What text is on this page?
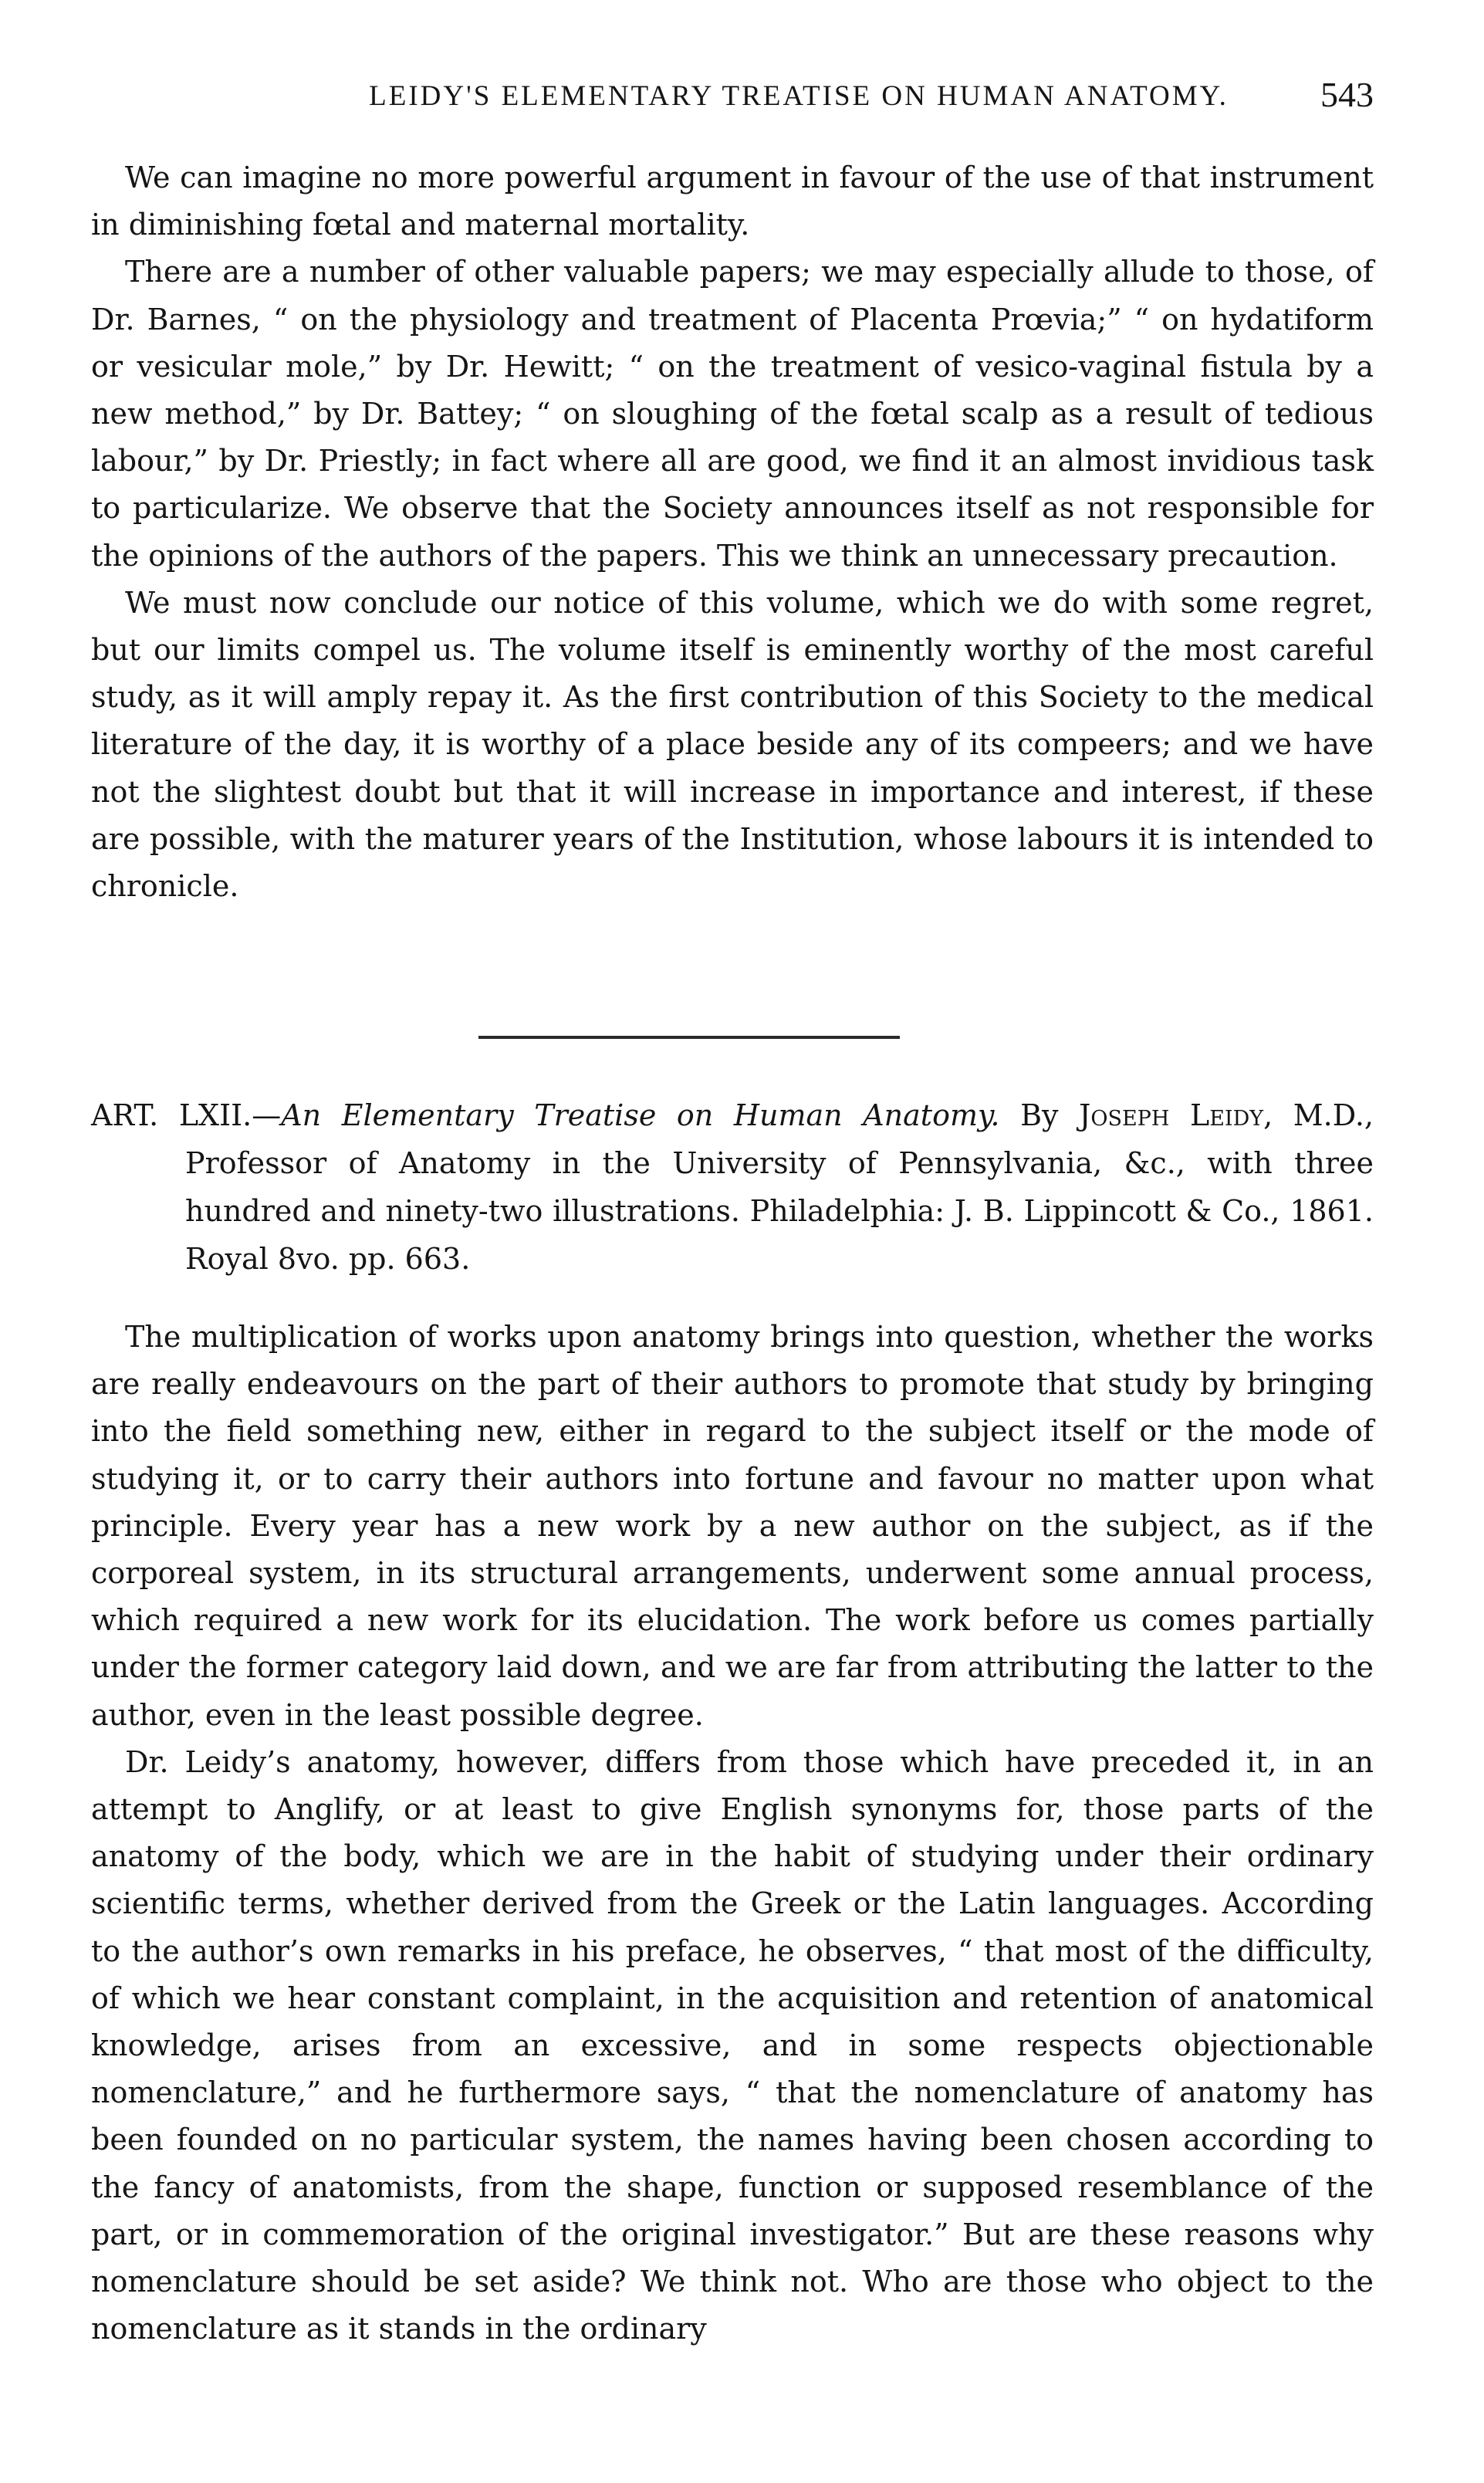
LEIDY'S ELEMENTARY TREATISE ON HUMAN ANATOMY.	543

We can imagine no more powerful argument in favour of the use of that instrument in diminishing fœtal and maternal mortality.

There are a number of other valuable papers; we may especially allude to those, of Dr. Barnes, “ on the physiology and treatment of Placenta Prœvia;” “ on hydatiform or vesicular mole,” by Dr. Hewitt; “ on the treatment of vesico-vaginal fistula by a new method,” by Dr. Battey; “ on sloughing of the fœtal scalp as a result of tedious labour,” by Dr. Priestly; in fact where all are good, we find it an almost invidious task to particularize. We observe that the Society announces itself as not responsible for the opinions of the authors of the papers. This we think an unnecessary precaution.

We must now conclude our notice of this volume, which we do with some regret, but our limits compel us. The volume itself is eminently worthy of the most careful study, as it will amply repay it. As the first contribution of this Society to the medical literature of the day, it is worthy of a place beside any of its compeers; and we have not the slightest doubt but that it will increase in importance and interest, if these are possible, with the maturer years of the Institution, whose labours it is intended to chronicle.

ART. LXII.—An Elementary Treatise on Human Anatomy. By Joseph Leidy, M.D., Professor of Anatomy in the University of Pennsylvania, &c., with three hundred and ninety-two illustrations. Philadelphia: J. B. Lippincott & Co., 1861. Royal 8vo. pp. 663.

The multiplication of works upon anatomy brings into question, whether the works are really endeavours on the part of their authors to promote that study by bringing into the field something new, either in regard to the subject itself or the mode of studying it, or to carry their authors into fortune and favour no matter upon what principle. Every year has a new work by a new author on the subject, as if the corporeal system, in its structural arrangements, underwent some annual process, which required a new work for its elucidation. The work before us comes partially under the former category laid down, and we are far from attributing the latter to the author, even in the least possible degree.

Dr. Leidy’s anatomy, however, differs from those which have preceded it, in an attempt to Anglify, or at least to give English synonyms for, those parts of the anatomy of the body, which we are in the habit of studying under their ordinary scientific terms, whether derived from the Greek or the Latin languages. According to the author’s own remarks in his preface, he observes, “ that most of the difficulty, of which we hear constant complaint, in the acquisition and retention of anatomical knowledge, arises from an excessive, and in some respects objectionable nomenclature,” and he furthermore says, “ that the nomenclature of anatomy has been founded on no particular system, the names having been chosen according to the fancy of anatomists, from the shape, function or supposed resemblance of the part, or in commemoration of the original investigator.” But are these reasons why nomenclature should be set aside? We think not. Who are those who object to the nomenclature as it stands in the ordinary
